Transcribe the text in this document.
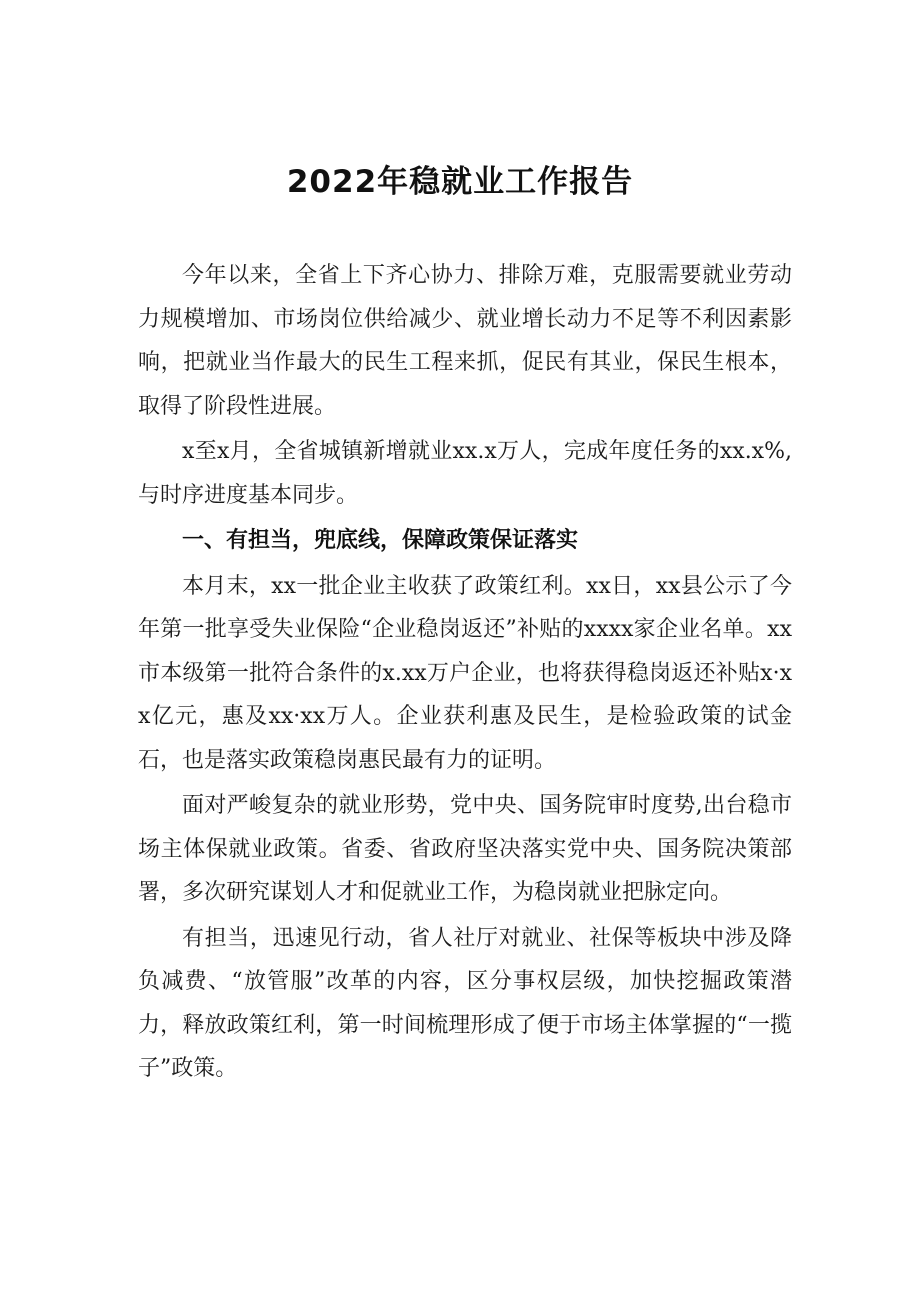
2022年稳就业工作报告

今年以来，全省上下齐心协力、排除万难，克服需要就业劳动力规模增加、市场岗位供给减少、就业增长动力不足等不利因素影响，把就业当作最大的民生工程来抓，促民有其业，保民生根本，取得了阶段性进展。

x至x月，全省城镇新增就业xx.x万人，完成年度任务的xx.x%,与时序进度基本同步。

一、有担当，兜底线，保障政策保证落实

本月末，xx一批企业主收获了政策红利。xx日，xx县公示了今年第一批享受失业保险“企业稳岗返还”补贴的xxxx家企业名单。xx市本级第一批符合条件的x.xx万户企业，也将获得稳岗返还补贴x·xx亿元，惠及xx·xx万人。企业获利惠及民生，是检验政策的试金石，也是落实政策稳岗惠民最有力的证明。

面对严峻复杂的就业形势，党中央、国务院审时度势,出台稳市场主体保就业政策。省委、省政府坚决落实党中央、国务院决策部署，多次研究谋划人才和促就业工作，为稳岗就业把脉定向。

有担当，迅速见行动，省人社厅对就业、社保等板块中涉及降负减费、“放管服”改革的内容，区分事权层级，加快挖掘政策潜力，释放政策红利，第一时间梳理形成了便于市场主体掌握的“一揽子”政策。
